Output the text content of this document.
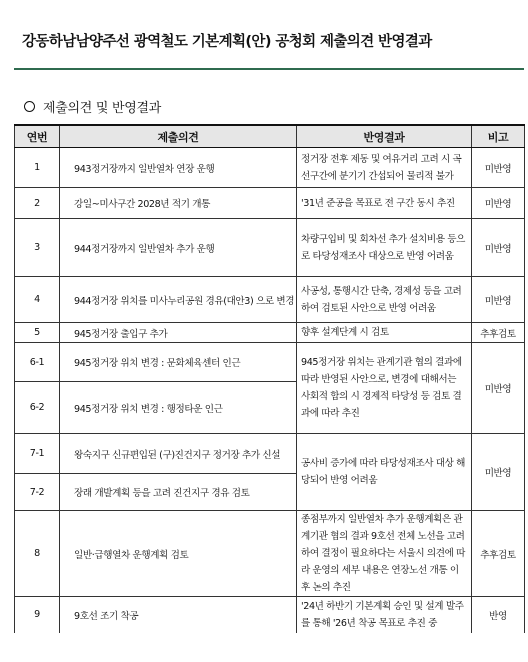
강동하남남양주선 광역철도 기본계획(안) 공청회 제출의견 반영결과
제출의견 및 반영결과
연번	제출의견	반영결과	비고
1	943정거장까지 일반열차 연장 운행	정거장 전후 제동 및 여유거리 고려 시 곡선구간에 분기기 간섭되어 물리적 불가	미반영
2	강일~미사구간 2028년 적기 개통	'31년 준공을 목표로 전 구간 동시 추진	미반영
3	944정거장까지 일반열차 추가 운행	차량구입비 및 회차선 추가 설치비용 등으로 타당성재조사 대상으로 반영 어려움	미반영
4	944정거장 위치를 미사누리공원 경유(대안3) 으로 변경	사공성, 통행시간 단축, 경제성 등을 고려하여 검토된 사안으로 반영 어려움	미반영
5	945정거장 출입구 추가	향후 설계단계 시 검토	추후검토
6-1	945정거장 위치 변경 : 문화체육센터 인근	945정거장 위치는 관계기관 협의 결과에 따라 반영된 사안으로, 변경에 대해서는 사회적 합의 시 경제적 타당성 등 검토 결과에 따라 추진	미반영
6-2	945정거장 위치 변경 : 행정타운 인근		
7-1	왕숙지구 신규편입된 (구)진건지구 정거장 추가 신설	공사비 증가에 따라 타당성재조사 대상 해당되어 반영 어려움	미반영
7-2	장래 개발계획 등을 고려 진건지구 경유 검토		
8	일반·급행열차 운행계획 검토	종점부까지 일반열차 추가 운행계획은 관계기관 협의 결과 9호선 전체 노선을 고려하여 결정이 필요하다는 서울시 의견에 따라 운영의 세부 내용은 연장노선 개통 이후 논의 추진	추후검토
9	9호선 조기 착공	'24년 하반기 기본계획 승인 및 설계 발주를 통해 '26년 착공 목표로 추진 중	반영
